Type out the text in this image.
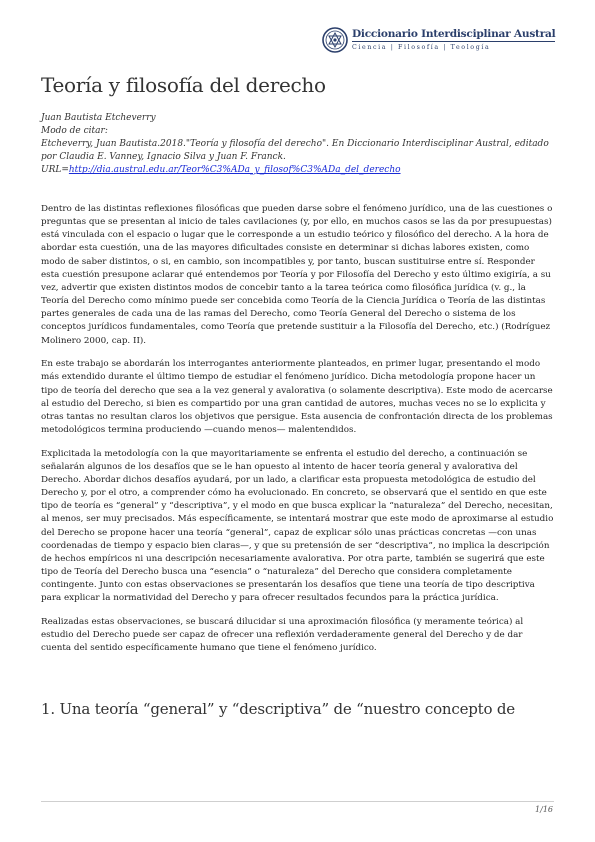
Diccionario Interdisciplinar Austral
Ciencia | Filosofía | Teología
Teoría y filosofía del derecho
Juan Bautista Etcheverry
Modo de citar:
Etcheverry, Juan Bautista.2018."Teoría y filosofía del derecho". En Diccionario Interdisciplinar Austral, editado por Claudia E. Vanney, Ignacio Silva y Juan F. Franck.
URL=http://dia.austral.edu.ar/Teor%C3%ADa_y_filosof%C3%ADa_del_derecho

Dentro de las distintas reflexiones filosóficas que pueden darse sobre el fenómeno jurídico, una de las cuestiones o preguntas que se presentan al inicio de tales cavilaciones (y, por ello, en muchos casos se las da por presupuestas) está vinculada con el espacio o lugar que le corresponde a un estudio teórico y filosófico del derecho. A la hora de abordar esta cuestión, una de las mayores dificultades consiste en determinar si dichas labores existen, como modo de saber distintos, o si, en cambio, son incompatibles y, por tanto, buscan sustituirse entre sí. Responder esta cuestión presupone aclarar qué entendemos por Teoría y por Filosofía del Derecho y esto último exigiría, a su vez, advertir que existen distintos modos de concebir tanto a la tarea teórica como filosófica jurídica (v. g., la Teoría del Derecho como mínimo puede ser concebida como Teoría de la Ciencia Jurídica o Teoría de las distintas partes generales de cada una de las ramas del Derecho, como Teoría General del Derecho o sistema de los conceptos jurídicos fundamentales, como Teoría que pretende sustituir a la Filosofía del Derecho, etc.) (Rodríguez Molinero 2000, cap. II).

En este trabajo se abordarán los interrogantes anteriormente planteados, en primer lugar, presentando el modo más extendido durante el último tiempo de estudiar el fenómeno jurídico. Dicha metodología propone hacer un tipo de teoría del derecho que sea a la vez general y avalorativa (o solamente descriptiva). Este modo de acercarse al estudio del Derecho, si bien es compartido por una gran cantidad de autores, muchas veces no se lo explicita y otras tantas no resultan claros los objetivos que persigue. Esta ausencia de confrontación directa de los problemas metodológicos termina produciendo —cuando menos— malentendidos.

Explicitada la metodología con la que mayoritariamente se enfrenta el estudio del derecho, a continuación se señalarán algunos de los desafíos que se le han opuesto al intento de hacer teoría general y avalorativa del Derecho. Abordar dichos desafíos ayudará, por un lado, a clarificar esta propuesta metodológica de estudio del Derecho y, por el otro, a comprender cómo ha evolucionado. En concreto, se observará que el sentido en que este tipo de teoría es “general” y “descriptiva”, y el modo en que busca explicar la “naturaleza” del Derecho, necesitan, al menos, ser muy precisados. Más específicamente, se intentará mostrar que este modo de aproximarse al estudio del Derecho se propone hacer una teoría “general”, capaz de explicar sólo unas prácticas concretas —con unas coordenadas de tiempo y espacio bien claras—, y que su pretensión de ser “descriptiva”, no implica la descripción de hechos empíricos ni una descripción necesariamente avalorativa. Por otra parte, también se sugerirá que este tipo de Teoría del Derecho busca una “esencia” o “naturaleza” del Derecho que considera completamente contingente. Junto con estas observaciones se presentarán los desafíos que tiene una teoría de tipo descriptiva para explicar la normatividad del Derecho y para ofrecer resultados fecundos para la práctica jurídica.

Realizadas estas observaciones, se buscará dilucidar si una aproximación filosófica (y meramente teórica) al estudio del Derecho puede ser capaz de ofrecer una reflexión verdaderamente general del Derecho y de dar cuenta del sentido específicamente humano que tiene el fenómeno jurídico.

1. Una teoría “general” y “descriptiva” de “nuestro concepto de
1/16
